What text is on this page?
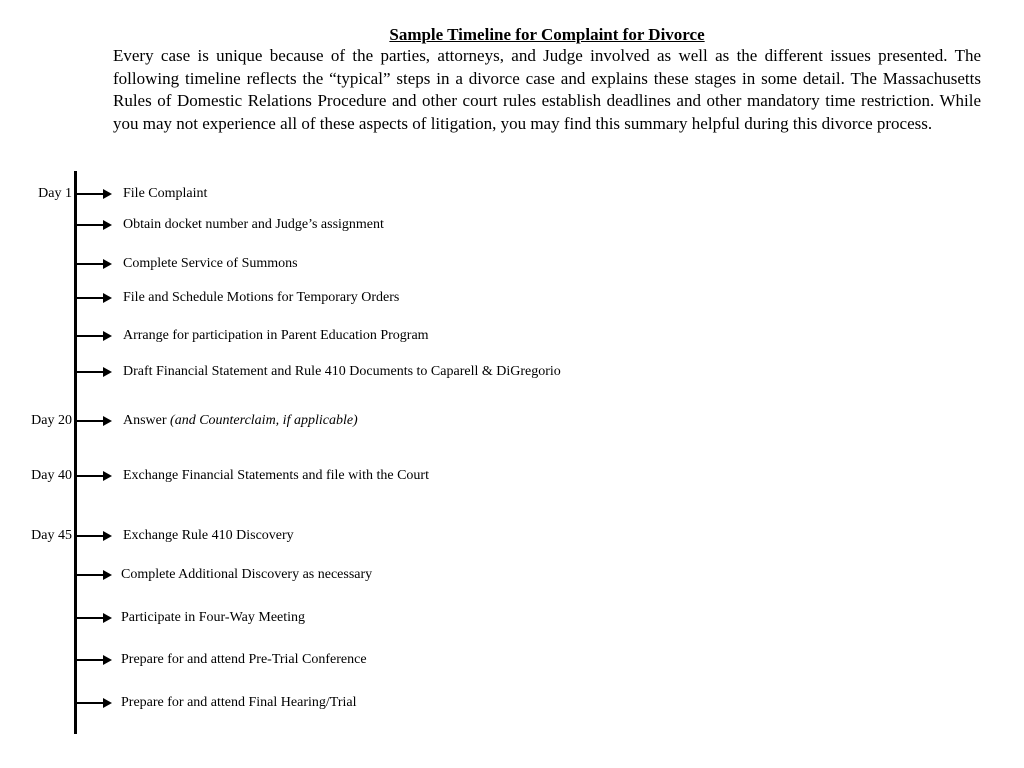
Sample Timeline for Complaint for Divorce

Every case is unique because of the parties, attorneys, and Judge involved as well as the different issues presented. The following timeline reflects the “typical” steps in a divorce case and explains these stages in some detail. The Massachusetts Rules of Domestic Relations Procedure and other court rules establish deadlines and other mandatory time restriction. While you may not experience all of these aspects of litigation, you may find this summary helpful during this divorce process.

Day 1	File Complaint
Obtain docket number and Judge’s assignment
Complete Service of Summons
File and Schedule Motions for Temporary Orders
Arrange for participation in Parent Education Program
Draft Financial Statement and Rule 410 Documents to Caparell & DiGregorio
Day 20	Answer (and Counterclaim, if applicable)
Day 40	Exchange Financial Statements and file with the Court
Day 45	Exchange Rule 410 Discovery
Complete Additional Discovery as necessary
Participate in Four-Way Meeting
Prepare for and attend Pre-Trial Conference
Prepare for and attend Final Hearing/Trial
